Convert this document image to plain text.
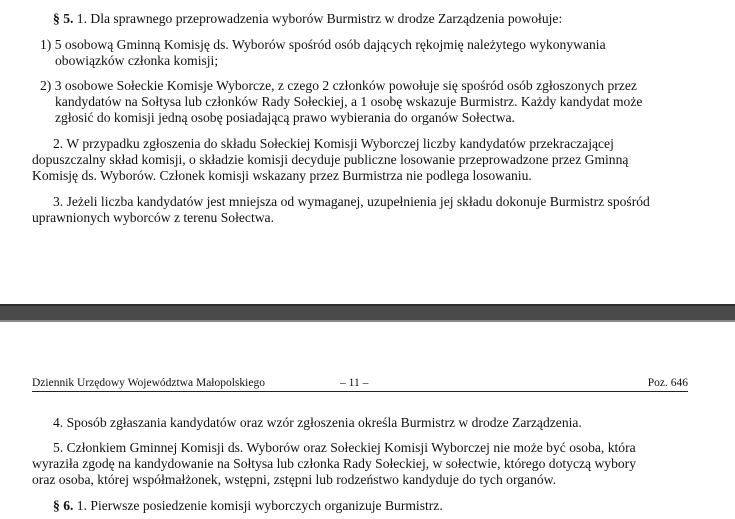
§ 5. 1. Dla sprawnego przeprowadzenia wyborów Burmistrz w drodze Zarządzenia powołuje:
1) 5 osobową Gminną Komisję ds. Wyborów spośród osób dających rękojmię należytego wykonywania
obowiązków członka komisji;
2) 3 osobowe Sołeckie Komisje Wyborcze, z czego 2 członków powołuje się spośród osób zgłoszonych przez
kandydatów na Sołtysa lub członków Rady Sołeckiej, a 1 osobę wskazuje Burmistrz. Każdy kandydat może
zgłosić do komisji jedną osobę posiadającą prawo wybierania do organów Sołectwa.
2. W przypadku zgłoszenia do składu Sołeckiej Komisji Wyborczej liczby kandydatów przekraczającej
dopuszczalny skład komisji, o składzie komisji decyduje publiczne losowanie przeprowadzone przez Gminną
Komisję ds. Wyborów. Członek komisji wskazany przez Burmistrza nie podlega losowaniu.
3. Jeżeli liczba kandydatów jest mniejsza od wymaganej, uzupełnienia jej składu dokonuje Burmistrz spośród
uprawnionych wyborców z terenu Sołectwa.
Dziennik Urzędowy Województwa Małopolskiego	– 11 –	Poz. 646
4. Sposób zgłaszania kandydatów oraz wzór zgłoszenia określa Burmistrz w drodze Zarządzenia.
5. Członkiem Gminnej Komisji ds. Wyborów oraz Sołeckiej Komisji Wyborczej nie może być osoba, która
wyraziła zgodę na kandydowanie na Sołtysa lub członka Rady Sołeckiej, w sołectwie, którego dotyczą wybory
oraz osoba, której współmałżonek, wstępni, zstępni lub rodzeństwo kandyduje do tych organów.
§ 6. 1. Pierwsze posiedzenie komisji wyborczych organizuje Burmistrz.
